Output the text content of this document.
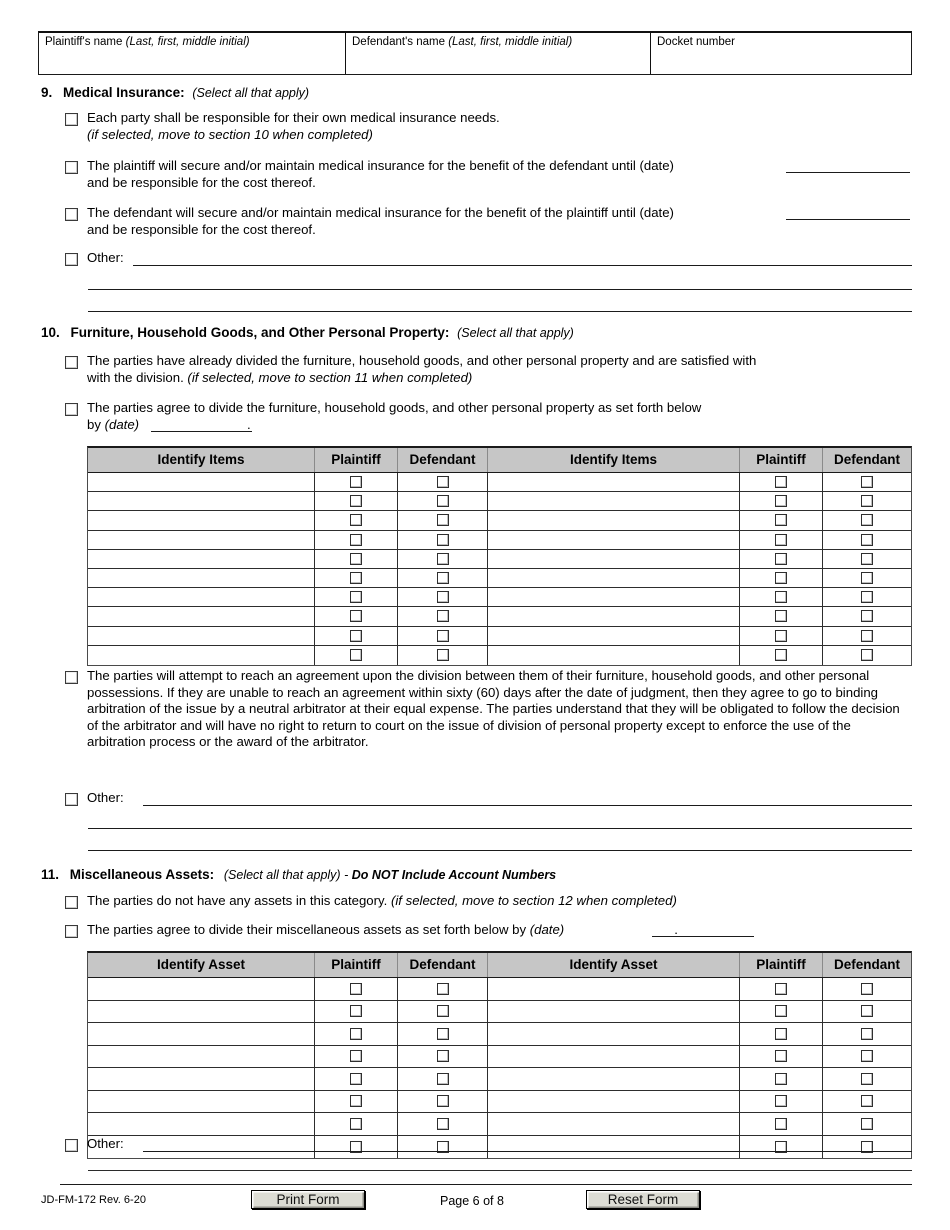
Plaintiff's name (Last, first, middle initial)	Defendant's name (Last, first, middle initial)	Docket number
9. Medical Insurance: (Select all that apply)
Each party shall be responsible for their own medical insurance needs.
(if selected, move to section 10 when completed)
The plaintiff will secure and/or maintain medical insurance for the benefit of the defendant until (date)
and be responsible for the cost thereof.
The defendant will secure and/or maintain medical insurance for the benefit of the plaintiff until (date)
and be responsible for the cost thereof.
Other:
10. Furniture, Household Goods, and Other Personal Property: (Select all that apply)
The parties have already divided the furniture, household goods, and other personal property and are satisfied with
with the division. (if selected, move to section 11 when completed)
The parties agree to divide the furniture, household goods, and other personal property as set forth below
by (date)	.
Identify Items	Plaintiff	Defendant	Identify Items	Plaintiff	Defendant
The parties will attempt to reach an agreement upon the division between them of their furniture, household goods, and other personal possessions. If they are unable to reach an agreement within sixty (60) days after the date of judgment, then they agree to go to binding arbitration of the issue by a neutral arbitrator at their equal expense. The parties understand that they will be obligated to follow the decision of the arbitrator and will have no right to return to court on the issue of division of personal property except to enforce the use of the arbitration process or the award of the arbitrator.
Other:
11. Miscellaneous Assets: (Select all that apply) - Do NOT Include Account Numbers
The parties do not have any assets in this category. (if selected, move to section 12 when completed)
The parties agree to divide their miscellaneous assets as set forth below by (date)	.
Identify Asset	Plaintiff	Defendant	Identify Asset	Plaintiff	Defendant
Other:
JD-FM-172 Rev. 6-20	Print Form	Page 6 of 8	Reset Form
